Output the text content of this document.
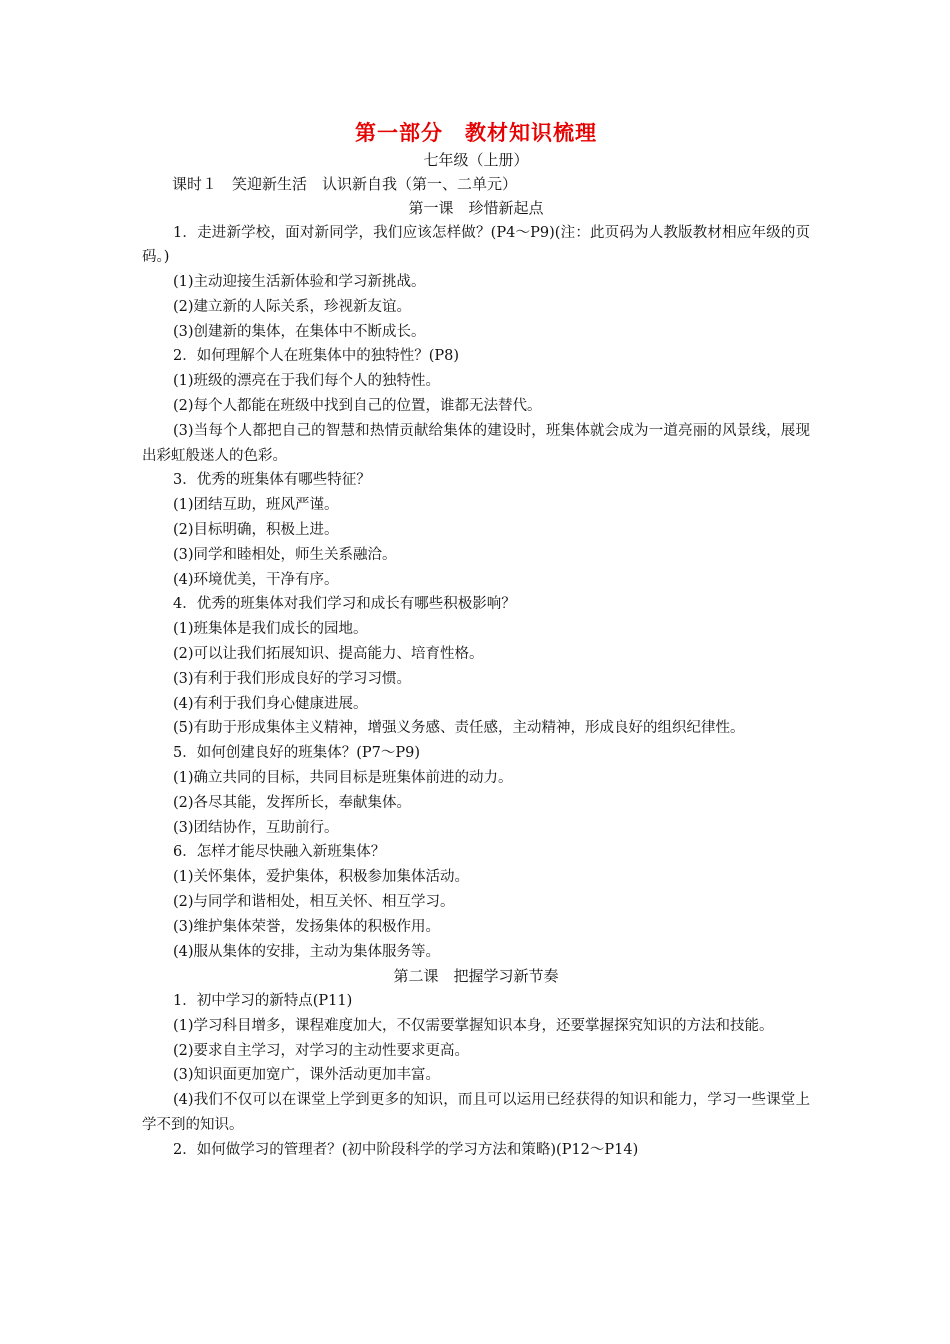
第一部分　教材知识梳理

七年级（上册）

课时１　笑迎新生活　认识新自我（第一、二单元）

第一课　珍惜新起点

1．走进新学校，面对新同学，我们应该怎样做？(P4～P9)(注：此页码为人教版教材相应年级的页码。)

(1)主动迎接生活新体验和学习新挑战。

(2)建立新的人际关系，珍视新友谊。

(3)创建新的集体，在集体中不断成长。

2．如何理解个人在班集体中的独特性？(P8)

(1)班级的漂亮在于我们每个人的独特性。

(2)每个人都能在班级中找到自己的位置，谁都无法替代。

(3)当每个人都把自己的智慧和热情贡献给集体的建设时，班集体就会成为一道亮丽的风景线，展现出彩虹般迷人的色彩。

3．优秀的班集体有哪些特征？

(1)团结互助，班风严谨。

(2)目标明确，积极上进。

(3)同学和睦相处，师生关系融洽。

(4)环境优美，干净有序。

4．优秀的班集体对我们学习和成长有哪些积极影响？

(1)班集体是我们成长的园地。

(2)可以让我们拓展知识、提高能力、培育性格。

(3)有利于我们形成良好的学习习惯。

(4)有利于我们身心健康进展。

(5)有助于形成集体主义精神，增强义务感、责任感，主动精神，形成良好的组织纪律性。

5．如何创建良好的班集体？(P7～P9)

(1)确立共同的目标，共同目标是班集体前进的动力。

(2)各尽其能，发挥所长，奉献集体。

(3)团结协作，互助前行。

6．怎样才能尽快融入新班集体？

(1)关怀集体，爱护集体，积极参加集体活动。

(2)与同学和谐相处，相互关怀、相互学习。

(3)维护集体荣誉，发扬集体的积极作用。

(4)服从集体的安排，主动为集体服务等。

第二课　把握学习新节奏

1．初中学习的新特点(P11)

(1)学习科目增多，课程难度加大，不仅需要掌握知识本身，还要掌握探究知识的方法和技能。

(2)要求自主学习，对学习的主动性要求更高。

(3)知识面更加宽广，课外活动更加丰富。

(4)我们不仅可以在课堂上学到更多的知识，而且可以运用已经获得的知识和能力，学习一些课堂上学不到的知识。

2．如何做学习的管理者？(初中阶段科学的学习方法和策略)(P12～P14)
